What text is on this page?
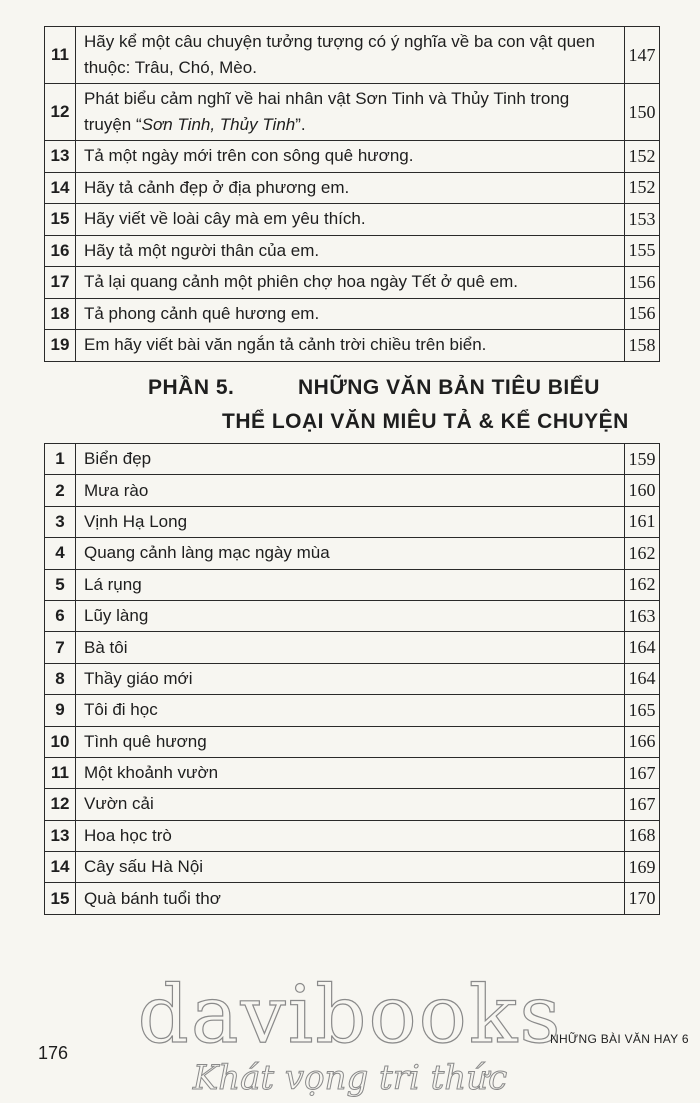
11	Hãy kể một câu chuyện tưởng tượng có ý nghĩa về ba con vật quen thuộc: Trâu, Chó, Mèo.	147
12	Phát biểu cảm nghĩ về hai nhân vật Sơn Tinh và Thủy Tinh trong truyện “Sơn Tinh, Thủy Tinh”.	150
13	Tả một ngày mới trên con sông quê hương.	152
14	Hãy tả cảnh đẹp ở địa phương em.	152
15	Hãy viết về loài cây mà em yêu thích.	153
16	Hãy tả một người thân của em.	155
17	Tả lại quang cảnh một phiên chợ hoa ngày Tết ở quê em.	156
18	Tả phong cảnh quê hương em.	156
19	Em hãy viết bài văn ngắn tả cảnh trời chiều trên biển.	158
PHẦN 5.	NHỮNG VĂN BẢN TIÊU BIỂU
THỂ LOẠI VĂN MIÊU TẢ & KỂ CHUYỆN
1	Biển đẹp	159
2	Mưa rào	160
3	Vịnh Hạ Long	161
4	Quang cảnh làng mạc ngày mùa	162
5	Lá rụng	162
6	Lũy làng	163
7	Bà tôi	164
8	Thầy giáo mới	164
9	Tôi đi học	165
10	Tình quê hương	166
11	Một khoảnh vườn	167
12	Vườn cải	167
13	Hoa học trò	168
14	Cây sấu Hà Nội	169
15	Quà bánh tuổi thơ	170
davibooks
Khát vọng tri thức
176
NHỮNG BÀI VĂN HAY 6
